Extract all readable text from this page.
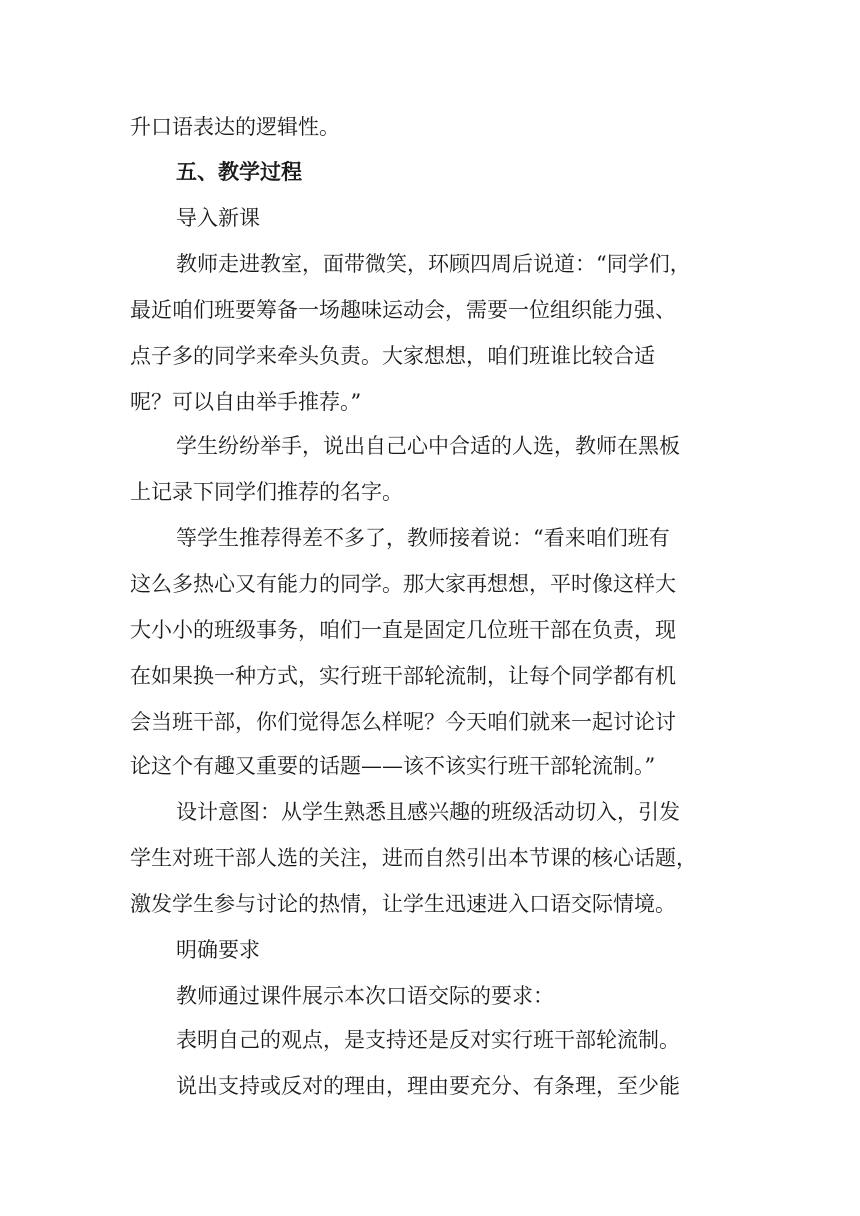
升口语表达的逻辑性。
五、教学过程
导入新课
教师走进教室，面带微笑，环顾四周后说道：“同学们，
最近咱们班要筹备一场趣味运动会，需要一位组织能力强、
点子多的同学来牵头负责。大家想想，咱们班谁比较合适
呢？可以自由举手推荐。”
学生纷纷举手，说出自己心中合适的人选，教师在黑板
上记录下同学们推荐的名字。
等学生推荐得差不多了，教师接着说：“看来咱们班有
这么多热心又有能力的同学。那大家再想想，平时像这样大
大小小的班级事务，咱们一直是固定几位班干部在负责，现
在如果换一种方式，实行班干部轮流制，让每个同学都有机
会当班干部，你们觉得怎么样呢？今天咱们就来一起讨论讨
论这个有趣又重要的话题——该不该实行班干部轮流制。”
设计意图：从学生熟悉且感兴趣的班级活动切入，引发
学生对班干部人选的关注，进而自然引出本节课的核心话题，
激发学生参与讨论的热情，让学生迅速进入口语交际情境。
明确要求
教师通过课件展示本次口语交际的要求：
表明自己的观点，是支持还是反对实行班干部轮流制。
说出支持或反对的理由，理由要充分、有条理，至少能
